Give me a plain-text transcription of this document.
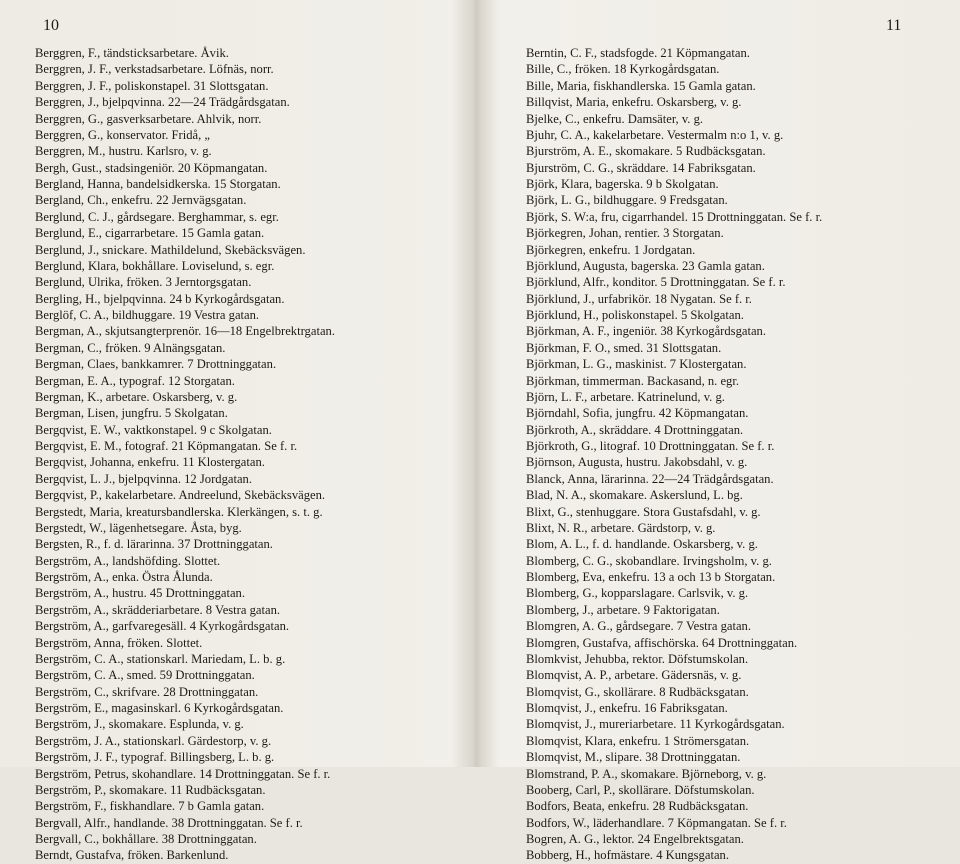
10	11
Berggren, F., tändsticksarbetare. Åvik.
Berggren, J. F., verkstadsarbetare. Löfnäs, norr.
Berggren, J. F., poliskonstapel. 31 Slottsgatan.
Berggren, J., bjelpqvinna. 22—24 Trädgårdsgatan.
Berggren, G., gasverksarbetare. Ahlvik, norr.
Berggren, G., konservator. Fridå, „
Berggren, M., hustru. Karlsro, v. g.
Bergh, Gust., stadsingeniör. 20 Köpmangatan.
Bergland, Hanna, bandelsidkerska. 15 Storgatan.
Bergland, Ch., enkefru. 22 Jernvägsgatan.
Berglund, C. J., gårdsegare. Berghammar, s. egr.
Berglund, E., cigarrarbetare. 15 Gamla gatan.
Berglund, J., snickare. Mathildelund, Skebäcksvägen.
Berglund, Klara, bokhållare. Loviselund, s. egr.
Berglund, Ulrika, fröken. 3 Jerntorgsgatan.
Bergling, H., bjelpqvinna. 24 b Kyrkogårdsgatan.
Berglöf, C. A., bildhuggare. 19 Vestra gatan.
Bergman, A., skjutsangterprenör. 16—18 Engelbrektrgatan.
Bergman, C., fröken. 9 Alnängsgatan.
Bergman, Claes, bankkamrer. 7 Drottninggatan.
Bergman, E. A., typograf. 12 Storgatan.
Bergman, K., arbetare. Oskarsberg, v. g.
Bergman, Lisen, jungfru. 5 Skolgatan.
Bergqvist, E. W., vaktkonstapel. 9 c Skolgatan.
Bergqvist, E. M., fotograf. 21 Köpmangatan. Se f. r.
Bergqvist, Johanna, enkefru. 11 Klostergatan.
Bergqvist, L. J., bjelpqvinna. 12 Jordgatan.
Bergqvist, P., kakelarbetare. Andreelund, Skebäcksvägen.
Bergstedt, Maria, kreatursbandlerska. Klerkängen, s. t. g.
Bergstedt, W., lägenhetsegare. Åsta, byg.
Bergsten, R., f. d. lärarinna. 37 Drottninggatan.
Bergström, A., landshöfding. Slottet.
Bergström, A., enka. Östra Ålunda.
Bergström, A., hustru. 45 Drottninggatan.
Bergström, A., skrädderiarbetare. 8 Vestra gatan.
Bergström, A., garfvaregesäll. 4 Kyrkogårdsgatan.
Bergström, Anna, fröken. Slottet.
Bergström, C. A., stationskarl. Mariedam, L. b. g.
Bergström, C. A., smed. 59 Drottninggatan.
Bergström, C., skrifvare. 28 Drottninggatan.
Bergström, E., magasinskarl. 6 Kyrkogårdsgatan.
Bergström, J., skomakare. Esplunda, v. g.
Bergström, J. A., stationskarl. Gärdestorp, v. g.
Bergström, J. F., typograf. Billingsberg, L. b. g.
Bergström, Petrus, skohandlare. 14 Drottninggatan. Se f. r.
Bergström, P., skomakare. 11 Rudbäcksgatan.
Bergström, F., fiskhandlare. 7 b Gamla gatan.
Bergvall, Alfr., handlande. 38 Drottninggatan. Se f. r.
Bergvall, C., bokhållare. 38 Drottninggatan.
Berndt, Gustafva, fröken. Barkenlund.
Berntin, C. F., stadsfogde. 21 Köpmangatan.
Bille, C., fröken. 18 Kyrkogårdsgatan.
Bille, Maria, fiskhandlerska. 15 Gamla gatan.
Billqvist, Maria, enkefru. Oskarsberg, v. g.
Bjelke, C., enkefru. Damsäter, v. g.
Bjuhr, C. A., kakelarbetare. Vestermalm n:o 1, v. g.
Bjurström, A. E., skomakare. 5 Rudbäcksgatan.
Bjurström, C. G., skräddare. 14 Fabriksgatan.
Björk, Klara, bagerska. 9 b Skolgatan.
Björk, L. G., bildhuggare. 9 Fredsgatan.
Björk, S. W:a, fru, cigarrhandel. 15 Drottninggatan. Se f. r.
Björkegren, Johan, rentier. 3 Storgatan.
Björkegren, enkefru. 1 Jordgatan.
Björklund, Augusta, bagerska. 23 Gamla gatan.
Björklund, Alfr., konditor. 5 Drottninggatan. Se f. r.
Björklund, J., urfabrikör. 18 Nygatan. Se f. r.
Björklund, H., poliskonstapel. 5 Skolgatan.
Björkman, A. F., ingeniör. 38 Kyrkogårdsgatan.
Björkman, F. O., smed. 31 Slottsgatan.
Björkman, L. G., maskinist. 7 Klostergatan.
Björkman, timmerman. Backasand, n. egr.
Björn, L. F., arbetare. Katrinelund, v. g.
Björndahl, Sofia, jungfru. 42 Köpmangatan.
Björkroth, A., skräddare. 4 Drottninggatan.
Björkroth, G., litograf. 10 Drottninggatan. Se f. r.
Björnson, Augusta, hustru. Jakobsdahl, v. g.
Blanck, Anna, lärarinna. 22—24 Trädgårdsgatan.
Blad, N. A., skomakare. Askerslund, L. bg.
Blixt, G., stenhuggare. Stora Gustafsdahl, v. g.
Blixt, N. R., arbetare. Gärdstorp, v. g.
Blom, A. L., f. d. handlande. Oskarsberg, v. g.
Blomberg, C. G., skobandlare. Irvingsholm, v. g.
Blomberg, Eva, enkefru. 13 a och 13 b Storgatan.
Blomberg, G., kopparslagare. Carlsvik, v. g.
Blomberg, J., arbetare. 9 Faktorigatan.
Blomgren, A. G., gårdsegare. 7 Vestra gatan.
Blomgren, Gustafva, affischörska. 64 Drottninggatan.
Blomkvist, Jehubba, rektor. Döfstumskolan.
Blomqvist, A. P., arbetare. Gädersnäs, v. g.
Blomqvist, G., skollärare. 8 Rudbäcksgatan.
Blomqvist, J., enkefru. 16 Fabriksgatan.
Blomqvist, J., mureriarbetare. 11 Kyrkogårdsgatan.
Blomqvist, Klara, enkefru. 1 Strömersgatan.
Blomqvist, M., slipare. 38 Drottninggatan.
Blomstrand, P. A., skomakare. Björneborg, v. g.
Booberg, Carl, P., skollärare. Döfstumskolan.
Bodfors, Beata, enkefru. 28 Rudbäcksgatan.
Bodfors, W., läderhandlare. 7 Köpmangatan. Se f. r.
Bogren, A. G., lektor. 24 Engelbrektsgatan.
Bobberg, H., hofmästare. 4 Kungsgatan.
